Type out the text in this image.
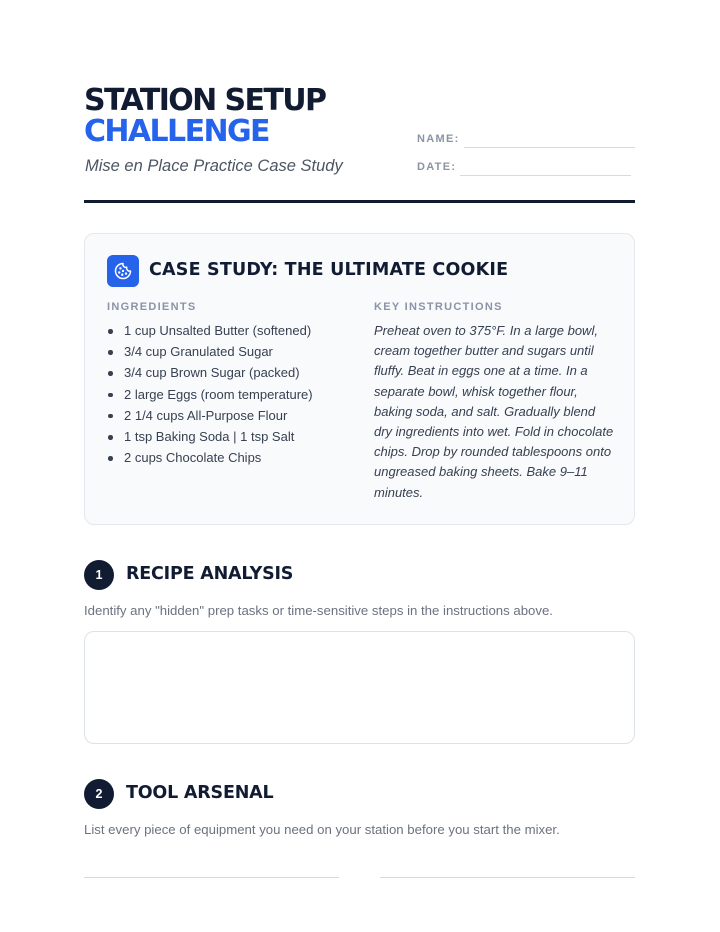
STATION SETUP
CHALLENGE
Mise en Place Practice Case Study
NAME:
DATE:
CASE STUDY: THE ULTIMATE COOKIE
INGREDIENTS
1 cup Unsalted Butter (softened)
3/4 cup Granulated Sugar
3/4 cup Brown Sugar (packed)
2 large Eggs (room temperature)
2 1/4 cups All-Purpose Flour
1 tsp Baking Soda | 1 tsp Salt
2 cups Chocolate Chips
KEY INSTRUCTIONS

Preheat oven to 375°F. In a large bowl, cream together butter and sugars until fluffy. Beat in eggs one at a time. In a separate bowl, whisk together flour, baking soda, and salt. Gradually blend dry ingredients into wet. Fold in chocolate chips. Drop by rounded tablespoons onto ungreased baking sheets. Bake 9–11 minutes.

1	RECIPE ANALYSIS
Identify any "hidden" prep tasks or time-sensitive steps in the instructions above.
2	TOOL ARSENAL
List every piece of equipment you need on your station before you start the mixer.
